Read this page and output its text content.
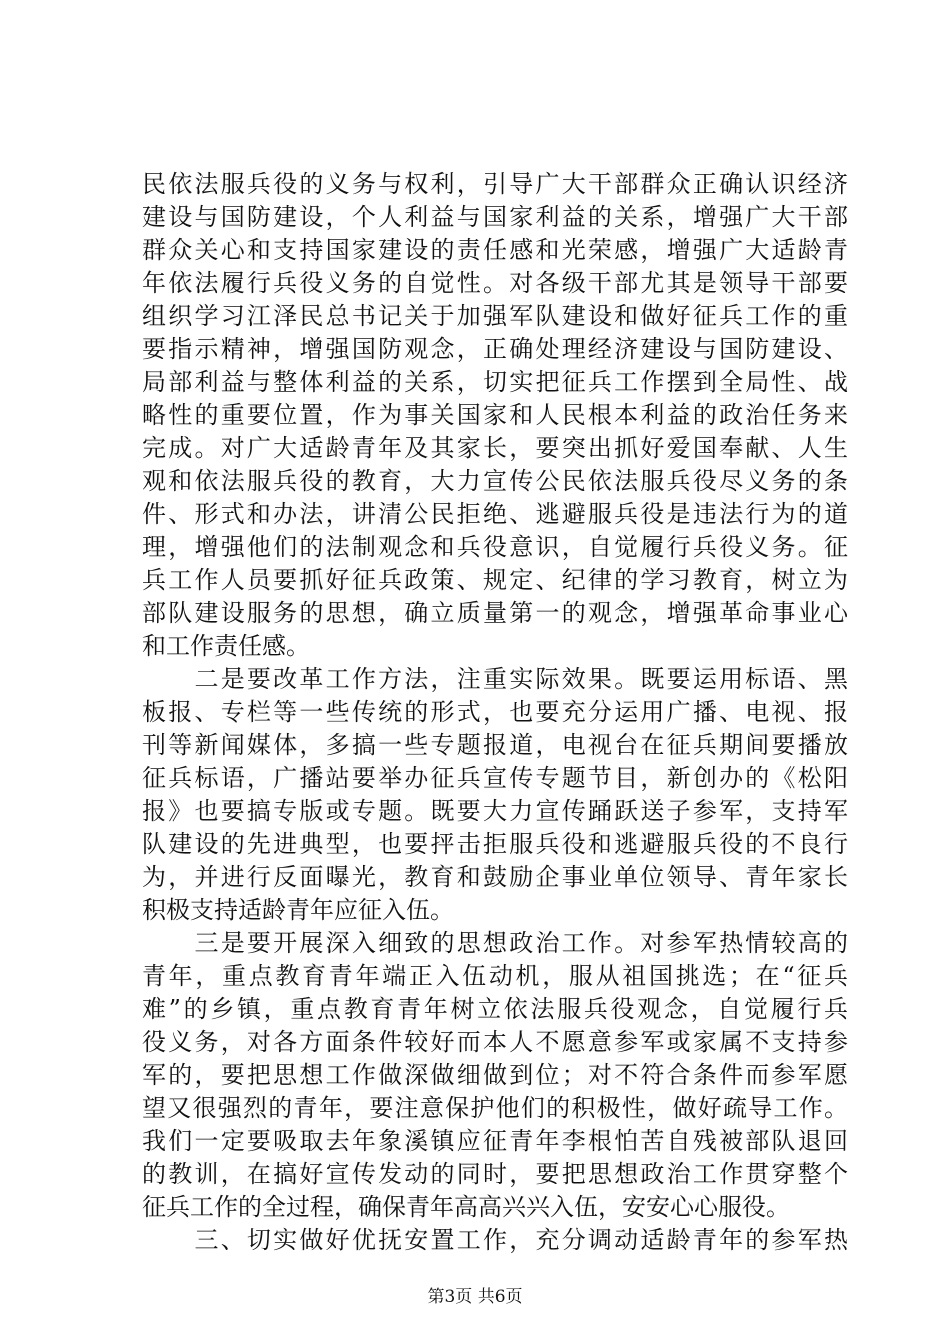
民依法服兵役的义务与权利，引导广大干部群众正确认识经济
建设与国防建设，个人利益与国家利益的关系，增强广大干部
群众关心和支持国家建设的责任感和光荣感，增强广大适龄青
年依法履行兵役义务的自觉性。对各级干部尤其是领导干部要
组织学习江泽民总书记关于加强军队建设和做好征兵工作的重
要指示精神，增强国防观念，正确处理经济建设与国防建设、
局部利益与整体利益的关系，切实把征兵工作摆到全局性、战
略性的重要位置，作为事关国家和人民根本利益的政治任务来
完成。对广大适龄青年及其家长，要突出抓好爱国奉献、人生
观和依法服兵役的教育，大力宣传公民依法服兵役尽义务的条
件、形式和办法，讲清公民拒绝、逃避服兵役是违法行为的道
理，增强他们的法制观念和兵役意识，自觉履行兵役义务。征
兵工作人员要抓好征兵政策、规定、纪律的学习教育，树立为
部队建设服务的思想，确立质量第一的观念，增强革命事业心
和工作责任感。
　　二是要改革工作方法，注重实际效果。既要运用标语、黑
板报、专栏等一些传统的形式，也要充分运用广播、电视、报
刊等新闻媒体，多搞一些专题报道，电视台在征兵期间要播放
征兵标语，广播站要举办征兵宣传专题节目，新创办的《松阳
报》也要搞专版或专题。既要大力宣传踊跃送子参军，支持军
队建设的先进典型，也要抨击拒服兵役和逃避服兵役的不良行
为，并进行反面曝光，教育和鼓励企事业单位领导、青年家长
积极支持适龄青年应征入伍。
　　三是要开展深入细致的思想政治工作。对参军热情较高的
青年，重点教育青年端正入伍动机，服从祖国挑选；在“征兵
难”的乡镇，重点教育青年树立依法服兵役观念，自觉履行兵
役义务，对各方面条件较好而本人不愿意参军或家属不支持参
军的，要把思想工作做深做细做到位；对不符合条件而参军愿
望又很强烈的青年，要注意保护他们的积极性，做好疏导工作。
我们一定要吸取去年象溪镇应征青年李根怕苦自残被部队退回
的教训，在搞好宣传发动的同时，要把思想政治工作贯穿整个
征兵工作的全过程，确保青年高高兴兴入伍，安安心心服役。
　　三、切实做好优抚安置工作，充分调动适龄青年的参军热
第3页 共6页
